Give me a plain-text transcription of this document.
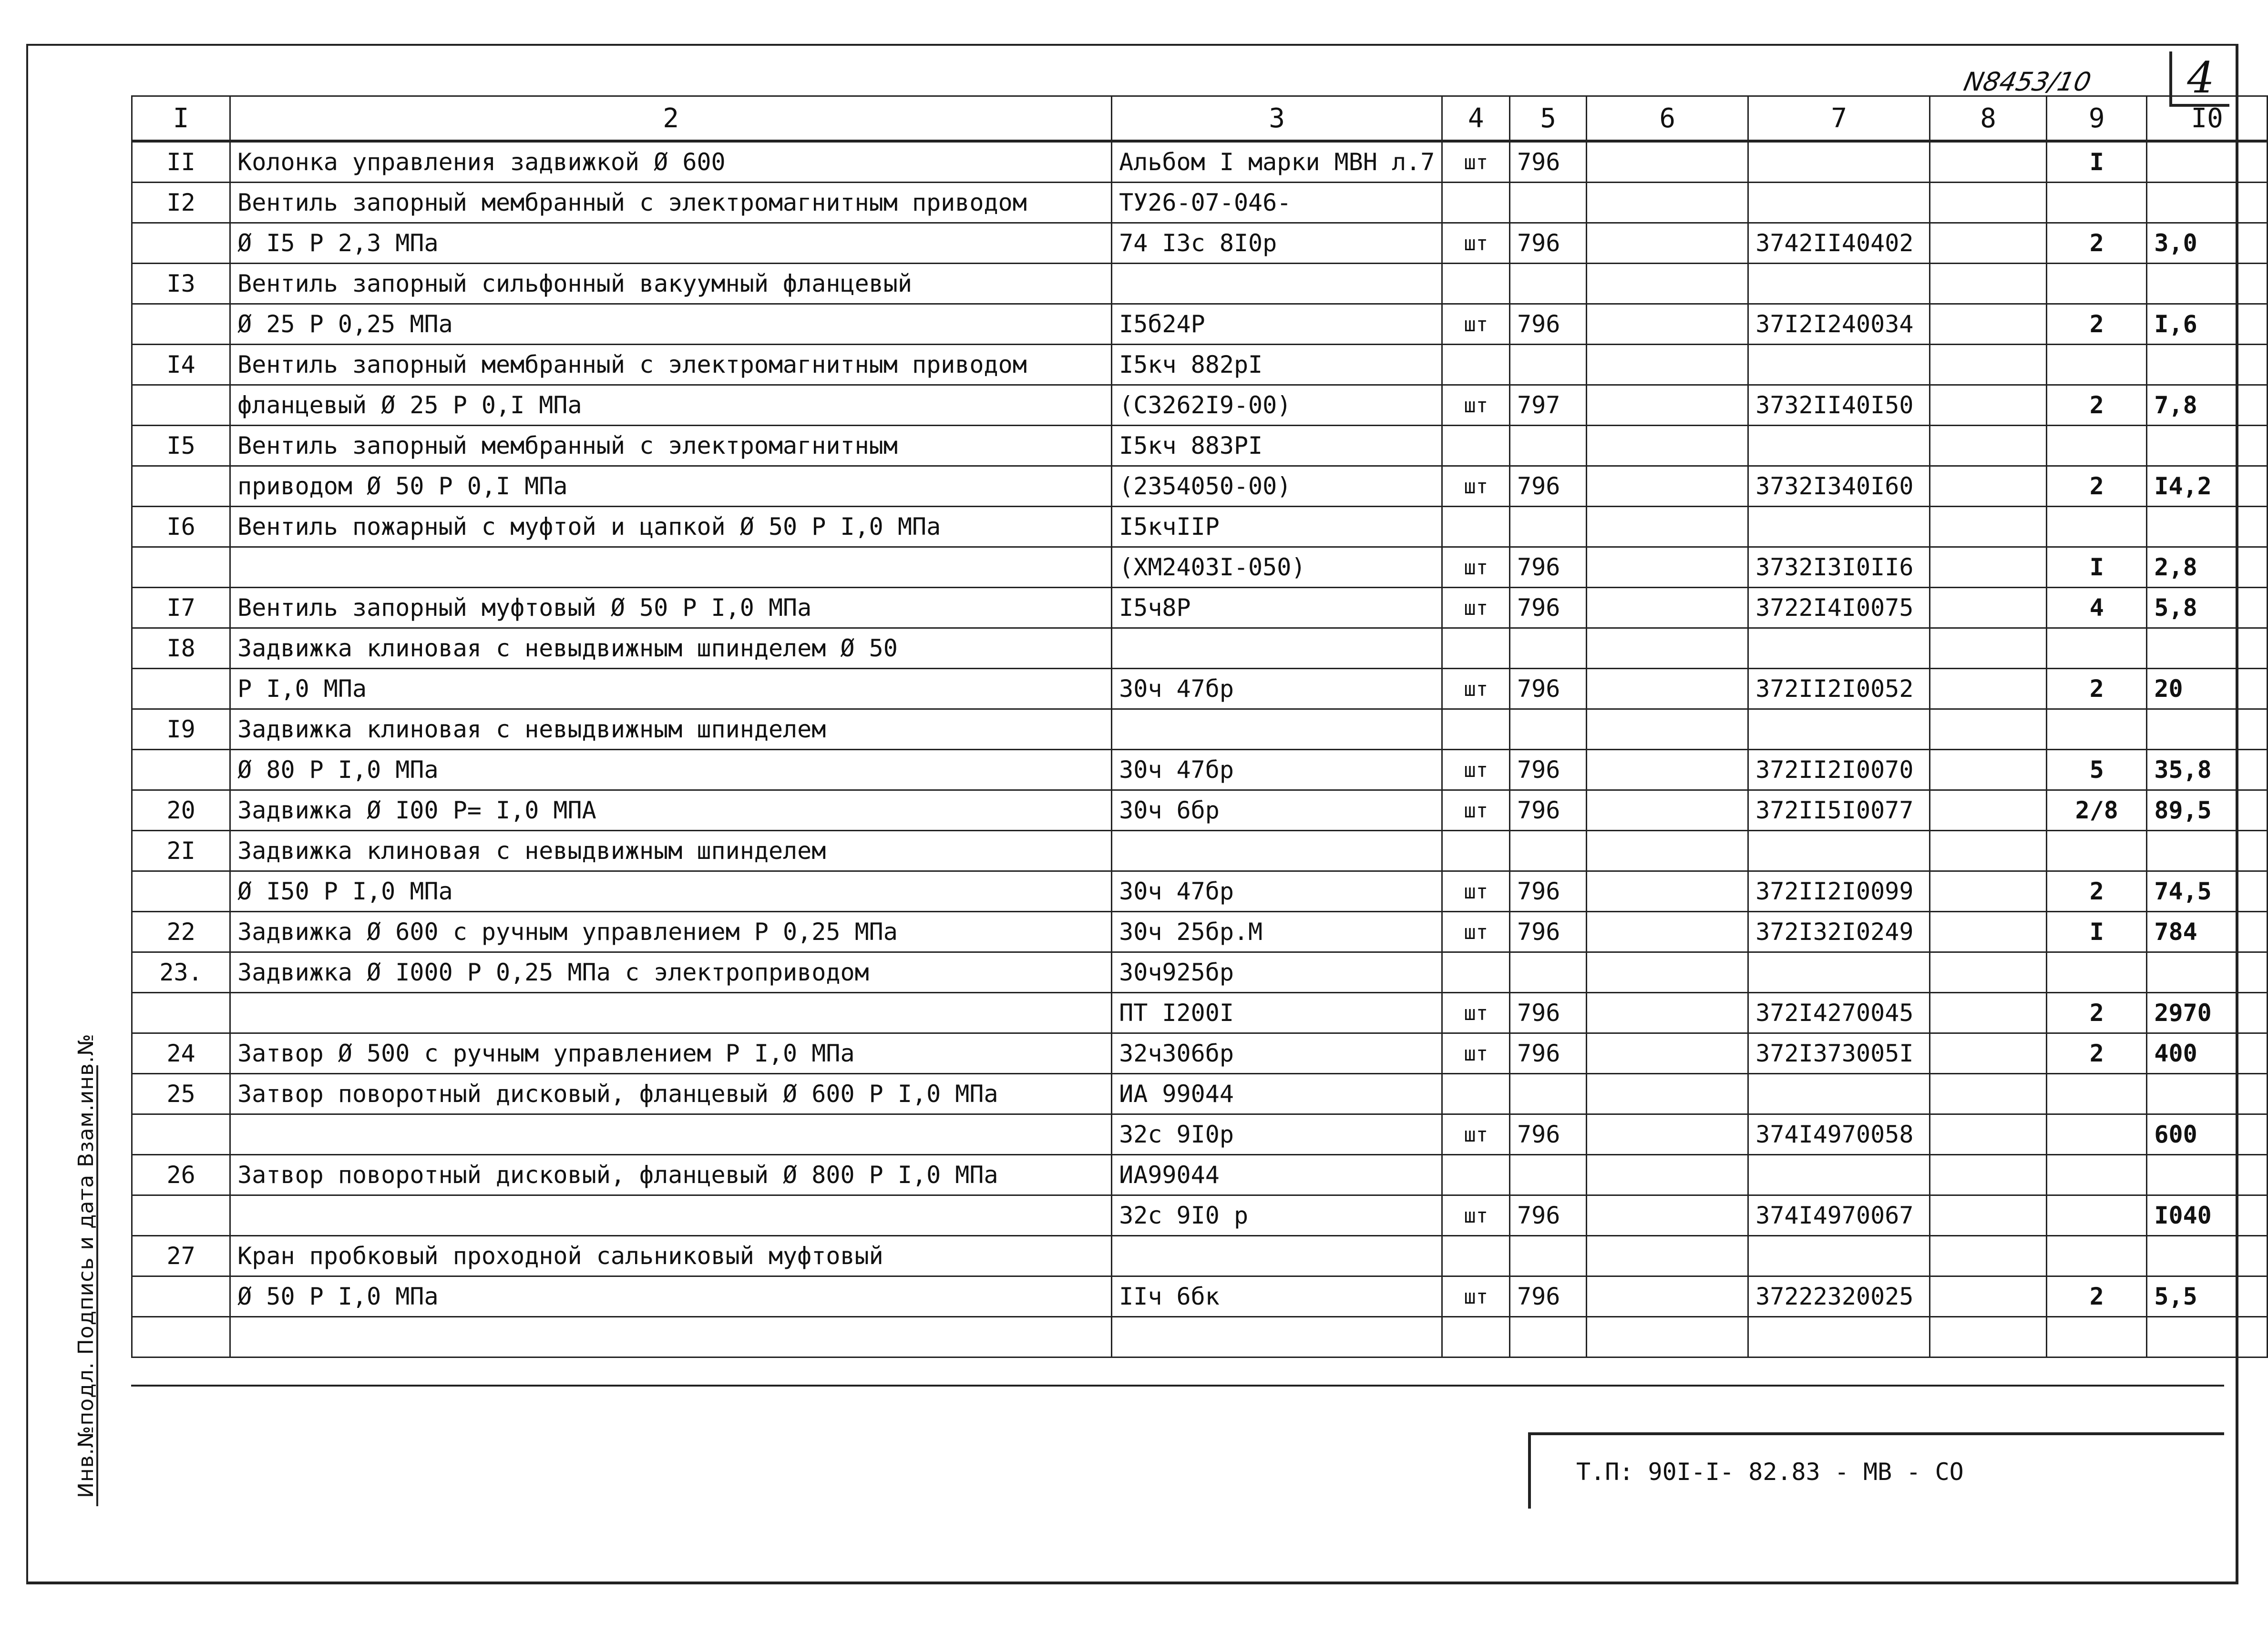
N8453/10	4
Инв.№подл. Подпись и дата Взам.инв.№
I	2	3	4	5	6	7	8	9	I0
II	Колонка управления задвижкой Ø 600	Альбом I марки МВН л.7	шт	796				I	
I2	Вентиль запорный мембранный с электромагнитным приводом	ТУ26-07-046-							
	Ø I5 Р 2,3 МПа	74 I3с 8I0р	шт	796		3742II40402		2	3,0
I3	Вентиль запорный сильфонный вакуумный фланцевый								
	Ø 25 Р 0,25 МПа	I5б24Р	шт	796		37I2I240034		2	I,6
I4	Вентиль запорный мембранный с электромагнитным приводом	I5кч 882рI							
	фланцевый Ø 25 Р 0,I МПа	(С3262I9-00)	шт	797		3732II40I50		2	7,8
I5	Вентиль запорный мембранный с электромагнитным	I5кч 883РI							
	приводом Ø 50 Р 0,I МПа	(2354050-00)	шт	796		3732I340I60		2	I4,2
I6	Вентиль пожарный с муфтой и цапкой Ø 50 Р I,0 МПа	I5кчIIР							
		(ХМ2403I-050)	шт	796		3732I3I0II6		I	2,8
I7	Вентиль запорный муфтовый Ø 50 Р I,0 МПа	I5ч8Р	шт	796		3722I4I0075		4	5,8
I8	Задвижка клиновая с невыдвижным шпинделем Ø 50								
	Р I,0 МПа	30ч 47бр	шт	796		372II2I0052		2	20
I9	Задвижка клиновая с невыдвижным шпинделем								
	Ø 80 Р I,0 МПа	30ч 47бр	шт	796		372II2I0070		5	35,8
20	Задвижка Ø I00 Р= I,0 МПА	30ч 6бр	шт	796		372II5I0077		2/8	89,5
2I	Задвижка клиновая с невыдвижным шпинделем								
	Ø I50 Р I,0 МПа	30ч 47бр	шт	796		372II2I0099		2	74,5
22	Задвижка Ø 600 с ручным управлением Р 0,25 МПа	30ч 25бр.М	шт	796		372I32I0249		I	784
23.	Задвижка Ø I000 Р 0,25 МПа с электроприводом	30ч925бр							
		ПТ I200I	шт	796		372I4270045		2	2970
24	Затвор Ø 500 с ручным управлением Р I,0 МПа	32ч306бр	шт	796		372I373005I		2	400
25	Затвор поворотный дисковый, фланцевый Ø 600 Р I,0 МПа	ИА 99044							
		32с 9I0р	шт	796		374I4970058			600
26	Затвор поворотный дисковый, фланцевый Ø 800 Р I,0 МПа	ИА99044							
		32с 9I0 р	шт	796		374I4970067			I040
27	Кран пробковый проходной сальниковый муфтовый								
	Ø 50 Р I,0 МПа	IIч 6бк	шт	796		37222320025		2	5,5

Т.П: 90I-I- 82.83 - МВ - СО
